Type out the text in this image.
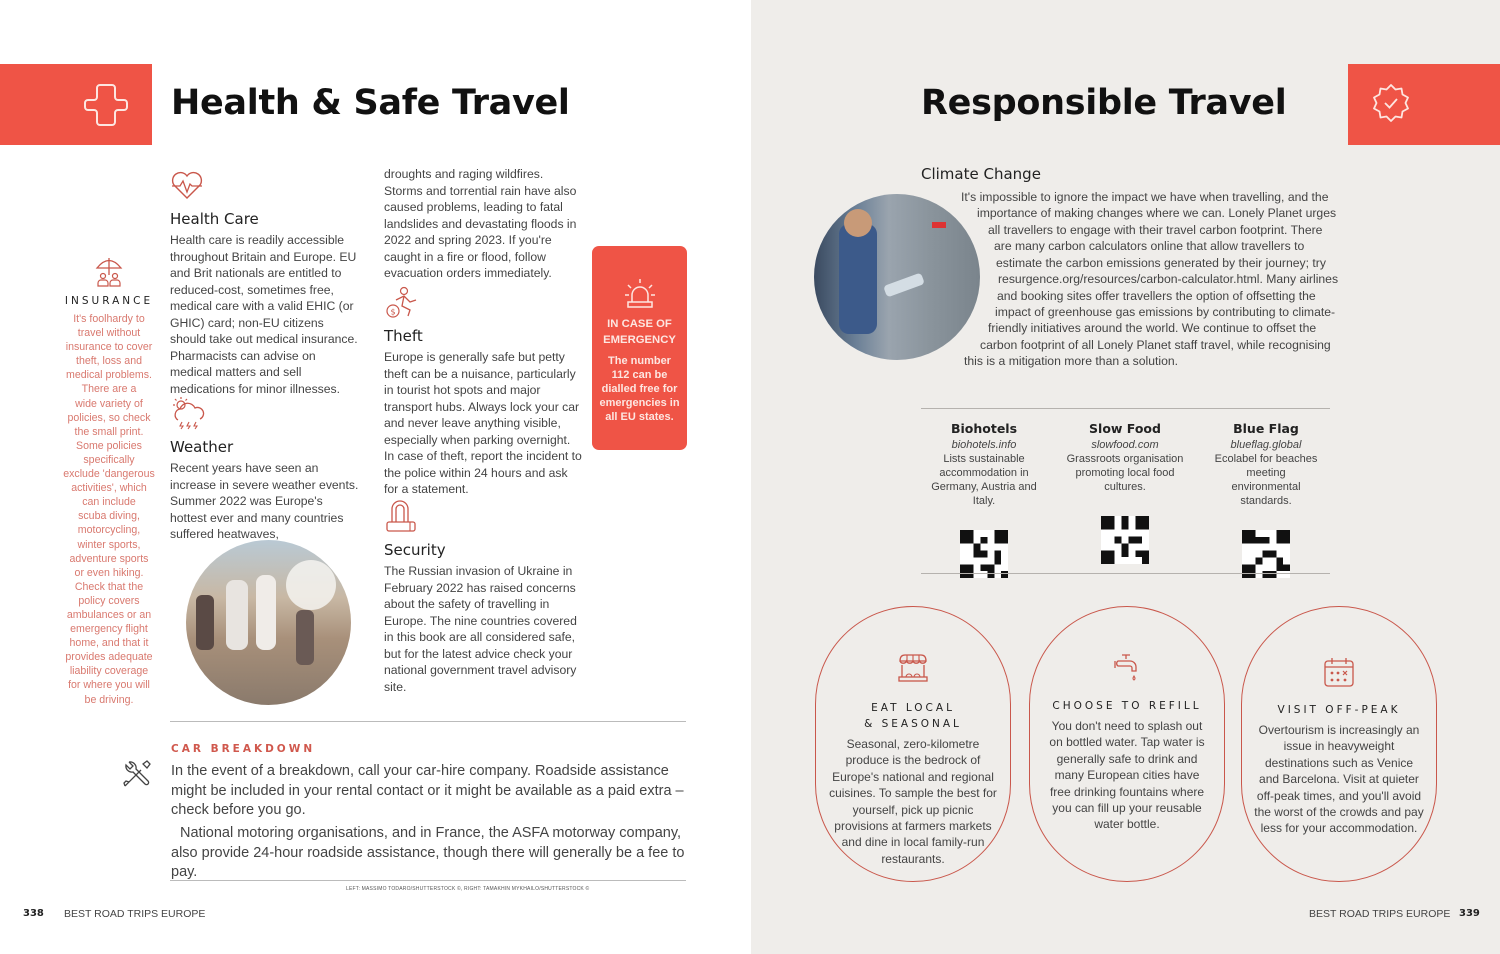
Health & Safe Travel
INSURANCE
It's foolhardy to
travel without
insurance to cover
theft, loss and
medical problems.
There are a
wide variety of
policies, so check
the small print.
Some policies
specifically
exclude 'dangerous
activities', which
can include
scuba diving,
motorcycling,
winter sports,
adventure sports
or even hiking.
Check that the
policy covers
ambulances or an
emergency flight
home, and that it
provides adequate
liability coverage
for where you will
be driving.
Health Care
Health care is readily accessible throughout Britain and Europe. EU and Brit nationals are entitled to reduced-cost, sometimes free, medical care with a valid EHIC (or GHIC) card; non-EU citizens should take out medical insurance. Pharmacists can advise on medical matters and sell medications for minor illnesses.
Weather
Recent years have seen an increase in severe weather events. Summer 2022 was Europe's hottest ever and many countries suffered heatwaves,
droughts and raging wildfires. Storms and torrential rain have also caused problems, leading to fatal landslides and devastating floods in 2022 and spring 2023. If you're caught in a fire or flood, follow evacuation orders immediately.
$
Theft
Europe is generally safe but petty theft can be a nuisance, particularly in tourist hot spots and major transport hubs. Always lock your car and never leave anything visible, especially when parking overnight. In case of theft, report the incident to the police within 24 hours and ask for a statement.
Security
The Russian invasion of Ukraine in February 2022 has raised concerns about the safety of travelling in Europe. The nine countries covered in this book are all considered safe, but for the latest advice check your national government travel advisory site.
IN CASE OF EMERGENCY
The number 112 can be dialled free for emergencies in all EU states.
CAR BREAKDOWN
In the event of a breakdown, call your car-hire company. Roadside assistance might be included in your rental contact or it might be available as a paid extra – check before you go.
National motoring organisations, and in France, the ASFA motorway company, also provide 24-hour roadside assistance, though there will generally be a fee to pay.
LEFT: MASSIMO TODARO/SHUTTERSTOCK ©, RIGHT: TAMAKHIN MYKHAILO/SHUTTERSTOCK ©
338 BEST ROAD TRIPS EUROPE
Responsible Travel
Climate Change
It's impossible to ignore the impact we have when travelling, and the
importance of making changes where we can. Lonely Planet urges
all travellers to engage with their travel carbon footprint. There
are many carbon calculators online that allow travellers to
estimate the carbon emissions generated by their journey; try
resurgence.org/resources/carbon-calculator.html. Many airlines
and booking sites offer travellers the option of offsetting the
impact of greenhouse gas emissions by contributing to climate-
friendly initiatives around the world. We continue to offset the
carbon footprint of all Lonely Planet staff travel, while recognising
this is a mitigation more than a solution.
Biohotels
biohotels.info
Lists sustainable accommodation in Germany, Austria and Italy.
Slow Food
slowfood.com
Grassroots organisation promoting local food cultures.
Blue Flag
blueflag.global
Ecolabel for beaches meeting environmental standards.
EAT LOCAL
& SEASONAL
Seasonal, zero-kilometre produce is the bedrock of Europe's national and regional cuisines. To sample the best for yourself, pick up picnic provisions at farmers markets and dine in local family-run restaurants.
CHOOSE TO REFILL
You don't need to splash out on bottled water. Tap water is generally safe to drink and many European cities have free drinking fountains where you can fill up your reusable water bottle.
VISIT OFF-PEAK
Overtourism is increasingly an issue in heavyweight destinations such as Venice and Barcelona. Visit at quieter off-peak times, and you'll avoid the worst of the crowds and pay less for your accommodation.
BEST ROAD TRIPS EUROPE 339
